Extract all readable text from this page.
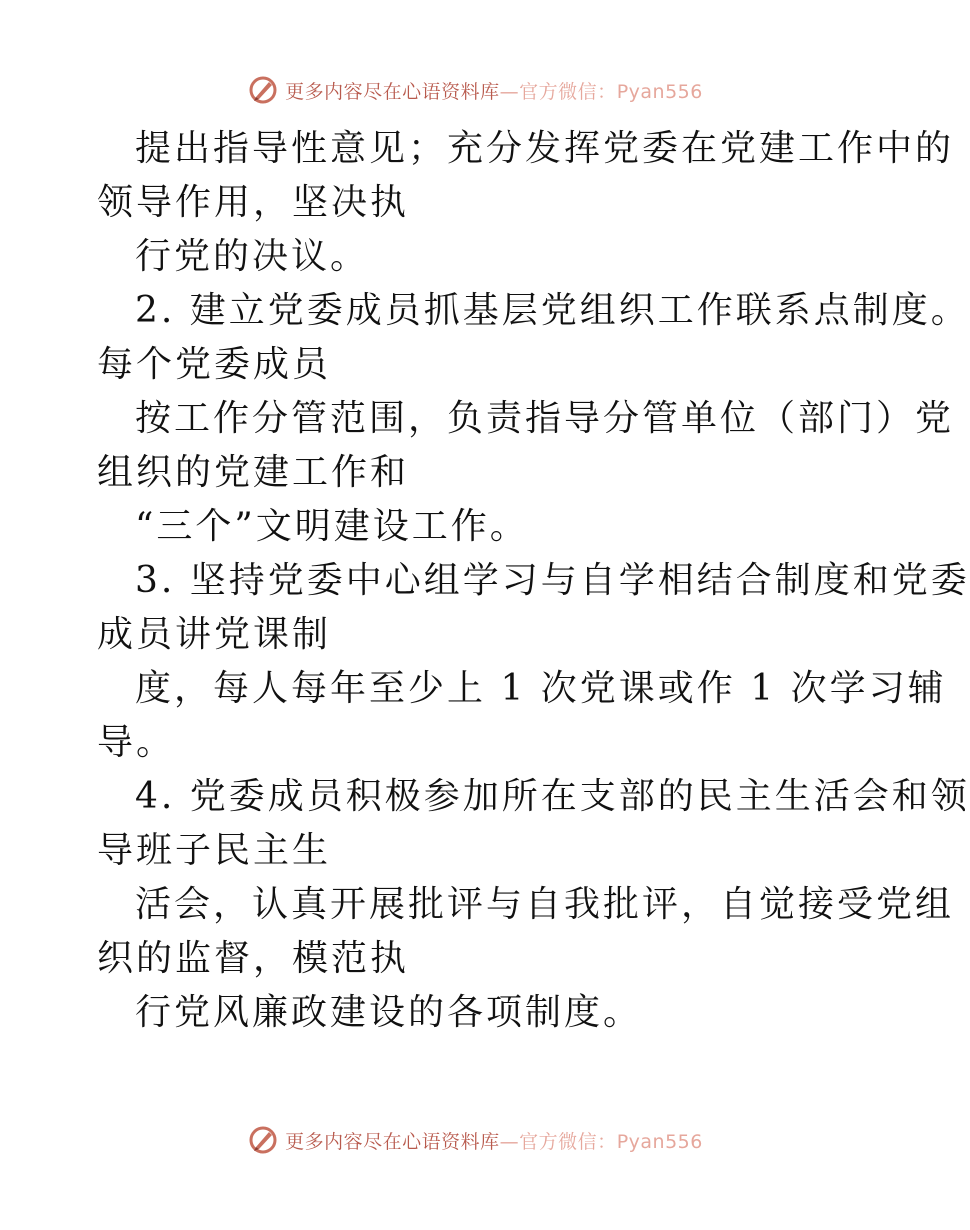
更多内容尽在心语资料库—官方微信：Pyan556
提出指导性意见；充分发挥党委在党建工作中的
领导作用，坚决执
行党的决议。
2. 建立党委成员抓基层党组织工作联系点制度。
每个党委成员
按工作分管范围，负责指导分管单位（部门）党
组织的党建工作和
“三个”文明建设工作。
3. 坚持党委中心组学习与自学相结合制度和党委
成员讲党课制
度，每人每年至少上 1 次党课或作 1 次学习辅
导。
4. 党委成员积极参加所在支部的民主生活会和领
导班子民主生
活会，认真开展批评与自我批评，自觉接受党组
织的监督，模范执
行党风廉政建设的各项制度。
更多内容尽在心语资料库—官方微信：Pyan556
